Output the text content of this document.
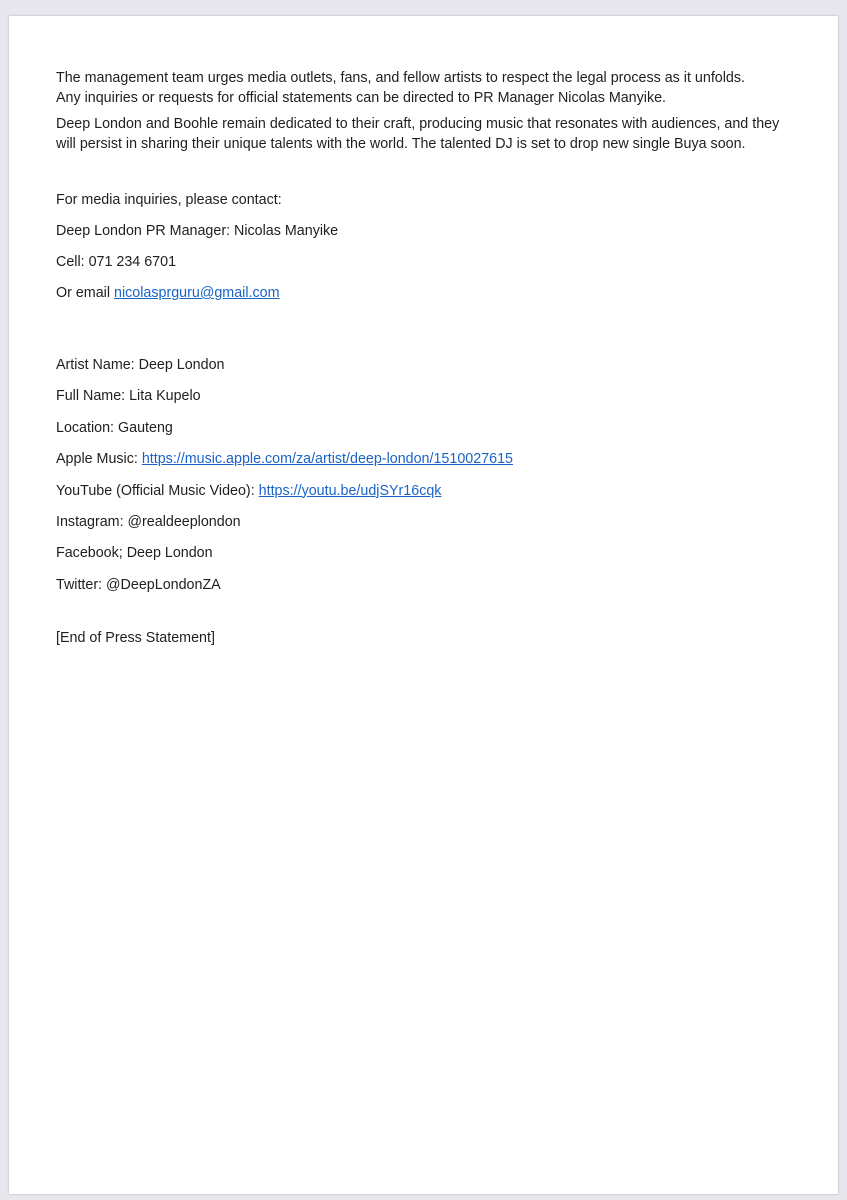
The management team urges media outlets, fans, and fellow artists to respect the legal process as it unfolds.

Any inquiries or requests for official statements can be directed to PR Manager Nicolas Manyike.

Deep London and Boohle remain dedicated to their craft, producing music that resonates with audiences, and they

will persist in sharing their unique talents with the world. The talented DJ is set to drop new single Buya soon.

For media inquiries, please contact:

Deep London PR Manager: Nicolas Manyike

Cell: 071 234 6701

Or email nicolasprguru@gmail.com

Artist Name: Deep London

Full Name: Lita Kupelo

Location: Gauteng

Apple Music: https://music.apple.com/za/artist/deep-london/1510027615

YouTube (Official Music Video): https://youtu.be/udjSYr16cqk

Instagram: @realdeeplondon

Facebook; Deep London

Twitter: @DeepLondonZA

[End of Press Statement]
